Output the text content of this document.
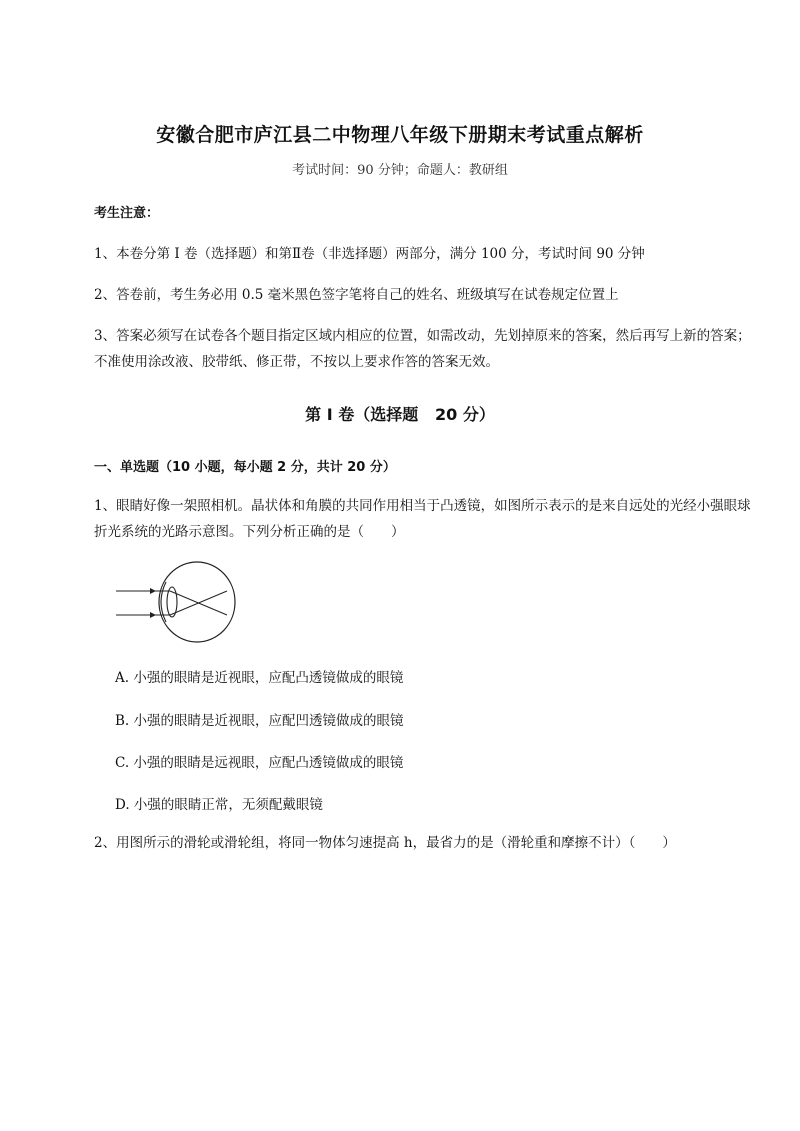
安徽合肥市庐江县二中物理八年级下册期末考试重点解析
考试时间：90 分钟；命题人：教研组
考生注意：
1、本卷分第 I 卷（选择题）和第Ⅱ卷（非选择题）两部分，满分 100 分，考试时间 90 分钟
2、答卷前，考生务必用 0.5 毫米黑色签字笔将自己的姓名、班级填写在试卷规定位置上
3、答案必须写在试卷各个题目指定区域内相应的位置，如需改动，先划掉原来的答案，然后再写上新的答案；不准使用涂改液、胶带纸、修正带，不按以上要求作答的答案无效。
第 I 卷（选择题   20 分）
一、单选题（10 小题，每小题 2 分，共计 20 分）
1、眼睛好像一架照相机。晶状体和角膜的共同作用相当于凸透镜，如图所示表示的是来自远处的光经小强眼球折光系统的光路示意图。下列分析正确的是（　　）
A. 小强的眼睛是近视眼，应配凸透镜做成的眼镜
B. 小强的眼睛是近视眼，应配凹透镜做成的眼镜
C. 小强的眼睛是远视眼，应配凸透镜做成的眼镜
D. 小强的眼睛正常，无须配戴眼镜
2、用图所示的滑轮或滑轮组，将同一物体匀速提高 h，最省力的是（滑轮重和摩擦不计）（　　）
